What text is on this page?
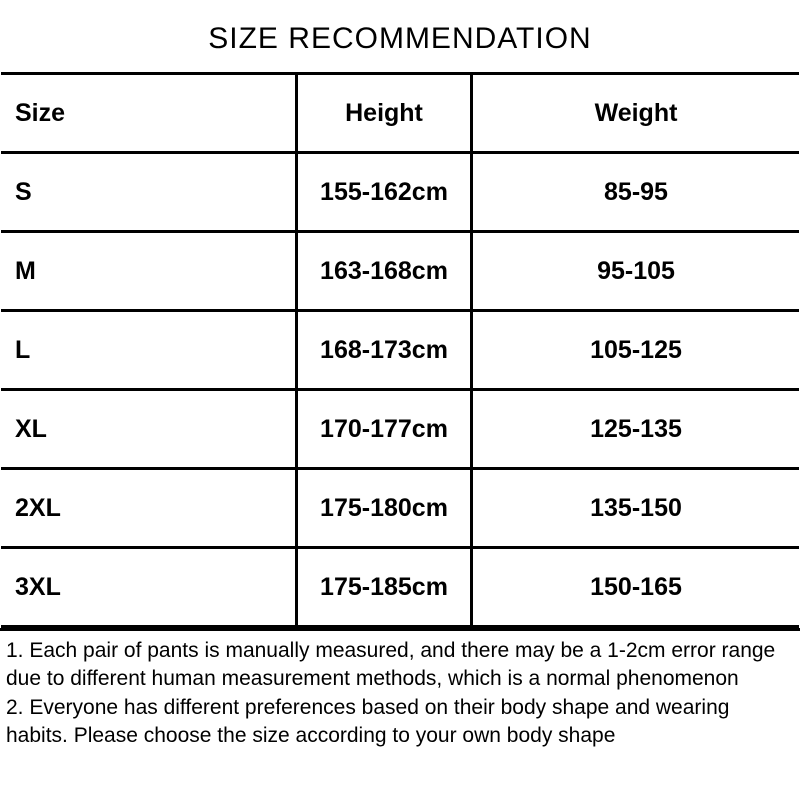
SIZE RECOMMENDATION
Size	Height	Weight
S	155-162cm	85-95
M	163-168cm	95-105
L	168-173cm	105-125
XL	170-177cm	125-135
2XL	175-180cm	135-150
3XL	175-185cm	150-165

1. Each pair of pants is manually measured, and there may be a 1-2cm error range due to different human measurement methods, which is a normal phenomenon

2. Everyone has different preferences based on their body shape and wearing habits. Please choose the size according to your own body shape
